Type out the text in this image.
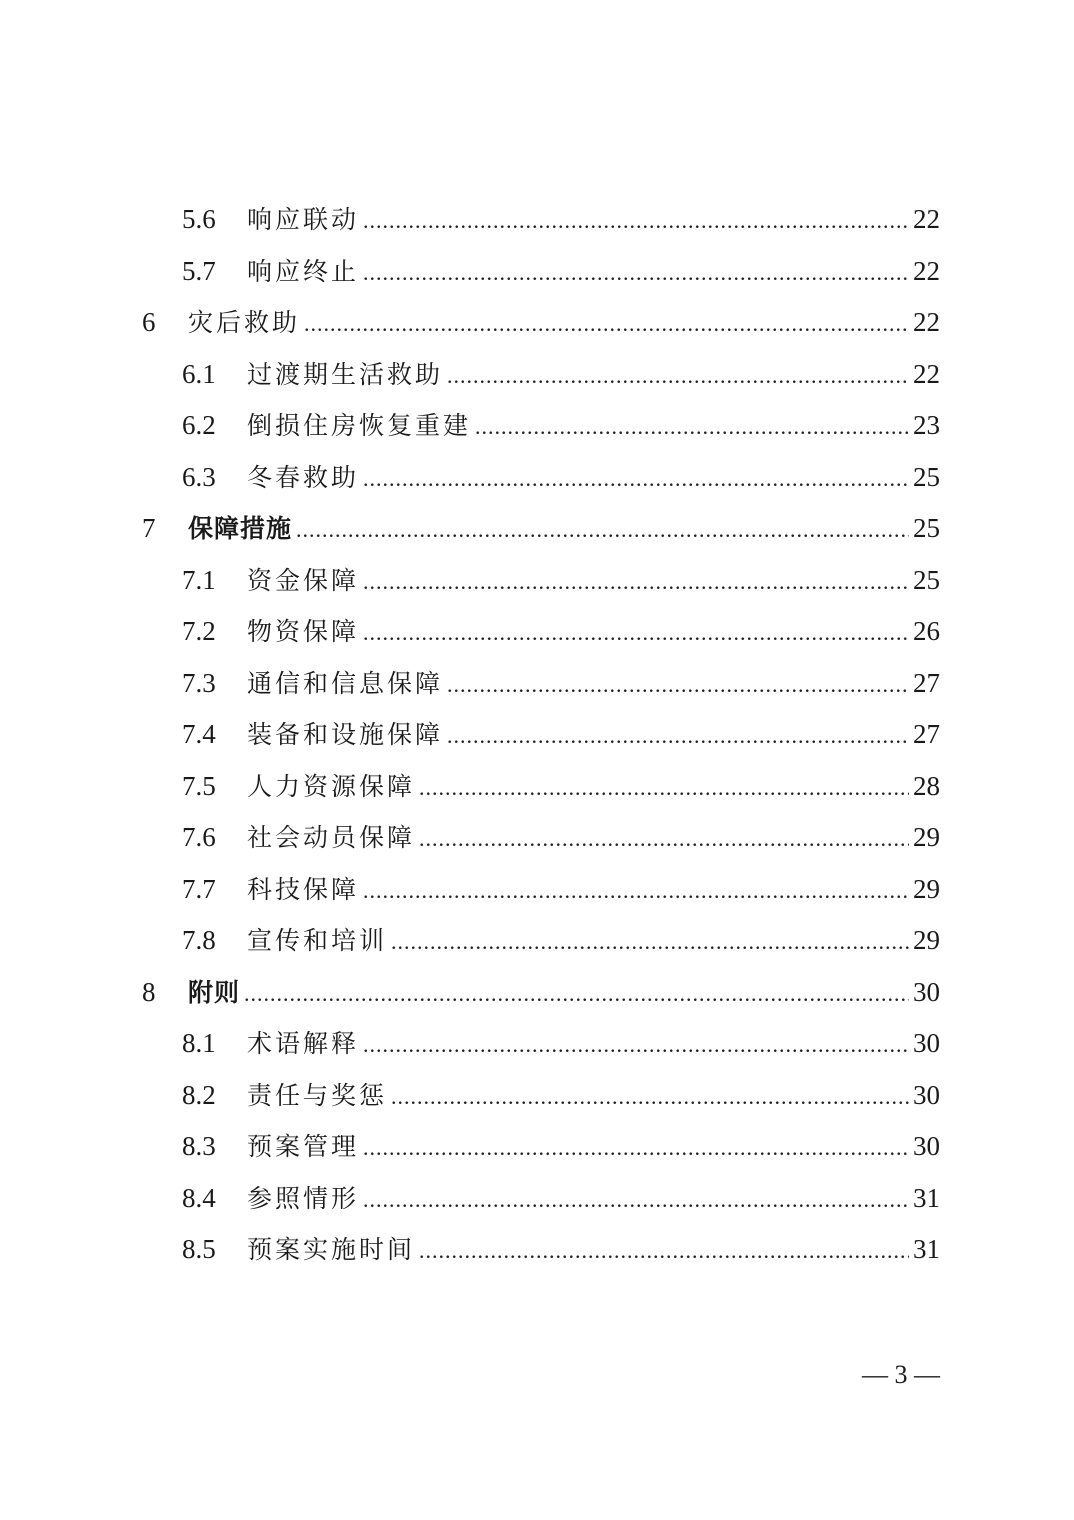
5.6 响应联动 .....	22
5.7 响应终止 .....	22
6 灾后救助 .....	22
6.1 过渡期生活救助 .....	22
6.2 倒损住房恢复重建 .....	23
6.3 冬春救助 .....	25
7 保障措施 .....	25
7.1 资金保障 .....	25
7.2 物资保障 .....	26
7.3 通信和信息保障 .....	27
7.4 装备和设施保障 .....	27
7.5 人力资源保障 .....	28
7.6 社会动员保障 .....	29
7.7 科技保障 .....	29
7.8 宣传和培训 .....	29
8 附则 .....	30
8.1 术语解释 .....	30
8.2 责任与奖惩 .....	30
8.3 预案管理 .....	30
8.4 参照情形 .....	31
8.5 预案实施时间 .....	31
— 3 —
